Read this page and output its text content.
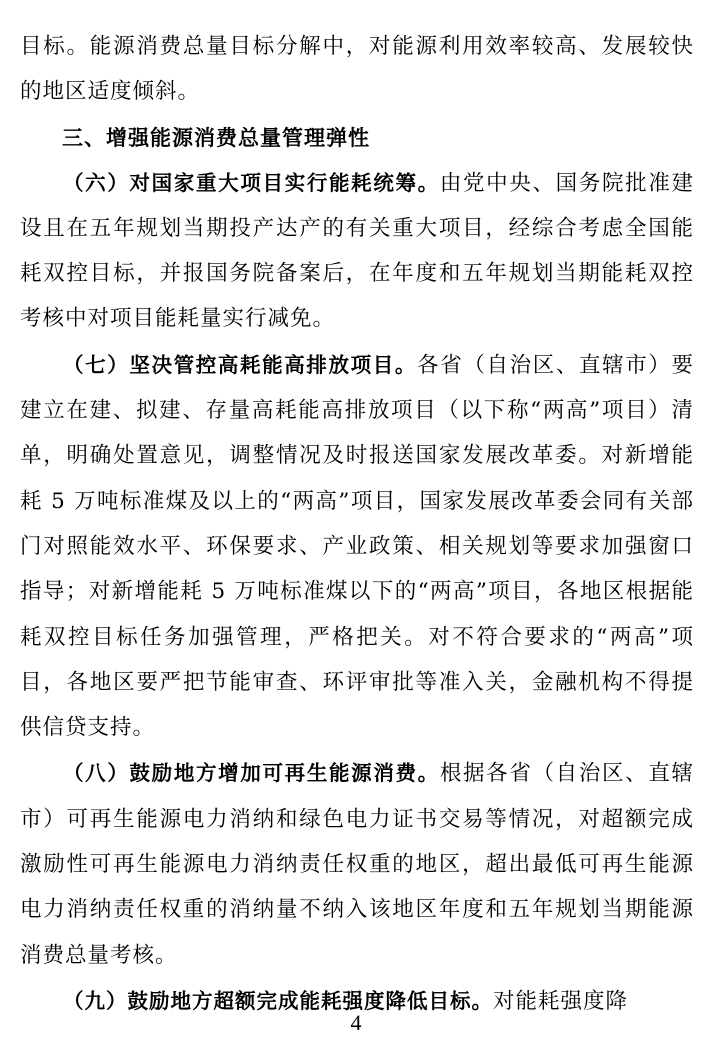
目标。能源消费总量目标分解中，对能源利用效率较高、发展较快的地区适度倾斜。

三、增强能源消费总量管理弹性

（六）对国家重大项目实行能耗统筹。由党中央、国务院批准建设且在五年规划当期投产达产的有关重大项目，经综合考虑全国能耗双控目标，并报国务院备案后，在年度和五年规划当期能耗双控考核中对项目能耗量实行减免。

（七）坚决管控高耗能高排放项目。各省（自治区、直辖市）要建立在建、拟建、存量高耗能高排放项目（以下称“两高”项目）清单，明确处置意见，调整情况及时报送国家发展改革委。对新增能耗 5 万吨标准煤及以上的“两高”项目，国家发展改革委会同有关部门对照能效水平、环保要求、产业政策、相关规划等要求加强窗口指导；对新增能耗 5 万吨标准煤以下的“两高”项目，各地区根据能耗双控目标任务加强管理，严格把关。对不符合要求的“两高”项目，各地区要严把节能审查、环评审批等准入关，金融机构不得提供信贷支持。

（八）鼓励地方增加可再生能源消费。根据各省（自治区、直辖市）可再生能源电力消纳和绿色电力证书交易等情况，对超额完成激励性可再生能源电力消纳责任权重的地区，超出最低可再生能源电力消纳责任权重的消纳量不纳入该地区年度和五年规划当期能源消费总量考核。

（九）鼓励地方超额完成能耗强度降低目标。对能耗强度降

4
